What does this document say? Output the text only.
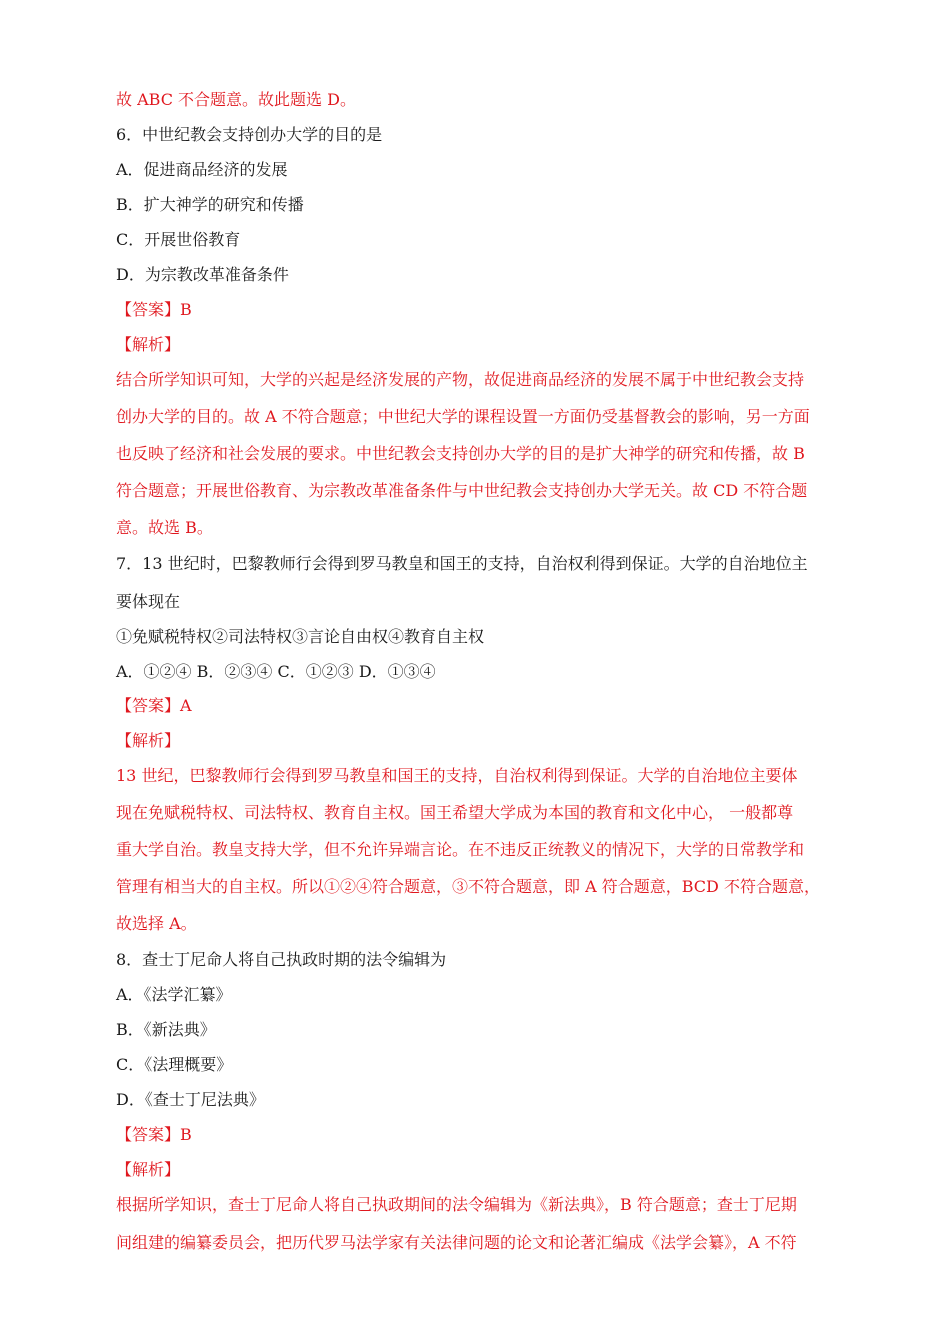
故 ABC 不合题意。故此题选 D。
6．中世纪教会支持创办大学的目的是
A．促进商品经济的发展
B．扩大神学的研究和传播
C．开展世俗教育
D．为宗教改革准备条件
【答案】B
【解析】
结合所学知识可知，大学的兴起是经济发展的产物，故促进商品经济的发展不属于中世纪教会支持
创办大学的目的。故 A 不符合题意；中世纪大学的课程设置一方面仍受基督教会的影响，另一方面
也反映了经济和社会发展的要求。中世纪教会支持创办大学的目的是扩大神学的研究和传播，故 B
符合题意；开展世俗教育、为宗教改革准备条件与中世纪教会支持创办大学无关。故 CD 不符合题
意。故选 B。
7．13 世纪时，巴黎教师行会得到罗马教皇和国王的支持，自治权利得到保证。大学的自治地位主
要体现在
①免赋税特权②司法特权③言论自由权④教育自主权
A．①②④ B．②③④ C．①②③ D．①③④
【答案】A
【解析】
13 世纪，巴黎教师行会得到罗马教皇和国王的支持，自治权利得到保证。大学的自治地位主要体
现在免赋税特权、司法特权、教育自主权。国王希望大学成为本国的教育和文化中心， 一般都尊
重大学自治。教皇支持大学，但不允许异端言论。在不违反正统教义的情况下，大学的日常教学和
管理有相当大的自主权。所以①②④符合题意，③不符合题意，即 A 符合题意，BCD 不符合题意，
故选择 A。
8．查士丁尼命人将自己执政时期的法令编辑为
A．《法学汇纂》
B．《新法典》
C．《法理概要》
D．《查士丁尼法典》
【答案】B
【解析】
根据所学知识，查士丁尼命人将自己执政期间的法令编辑为《新法典》，B 符合题意；查士丁尼期
间组建的编纂委员会，把历代罗马法学家有关法律问题的论文和论著汇编成《法学会纂》，A 不符
